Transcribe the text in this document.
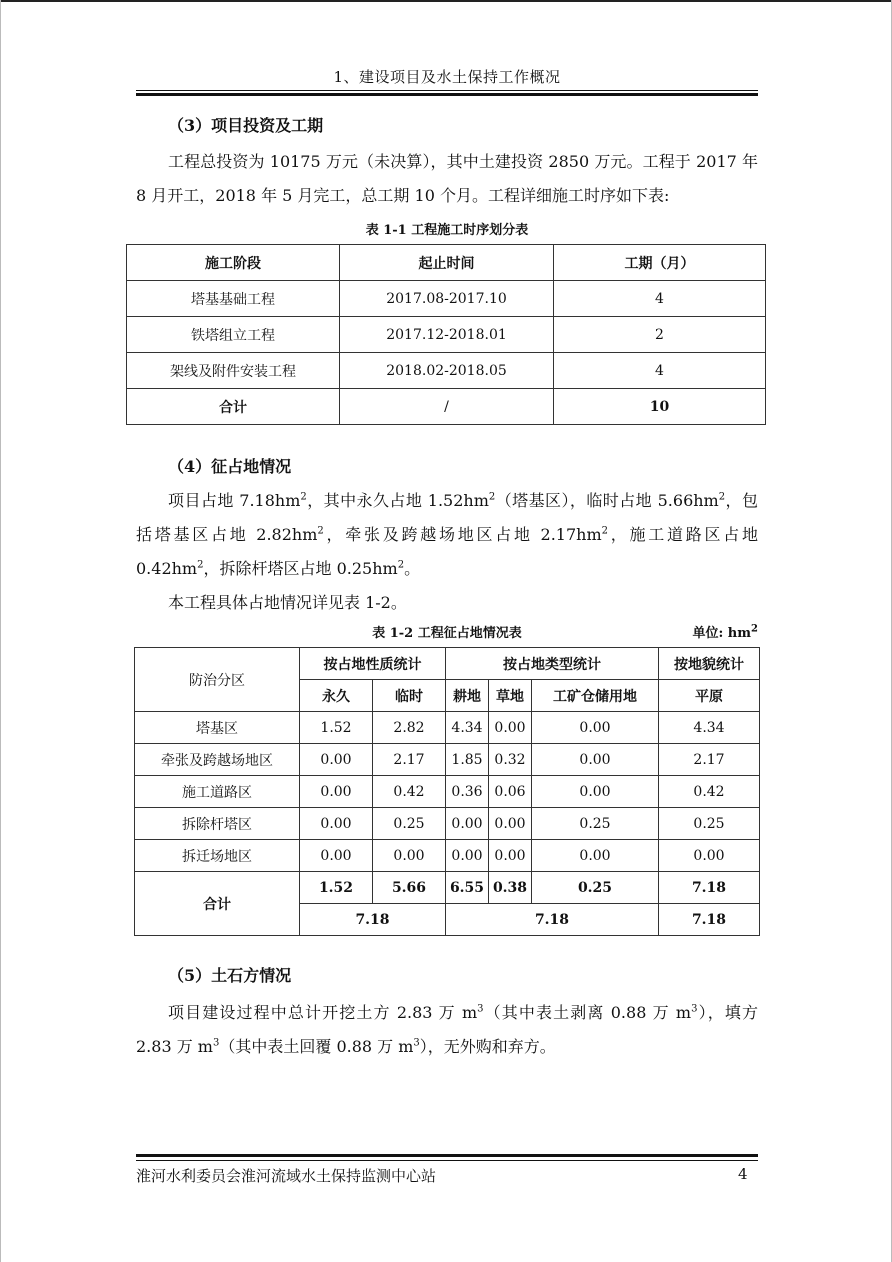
1、建设项目及水土保持工作概况

（3）项目投资及工期

工程总投资为 10175 万元（未决算），其中土建投资 2850 万元。工程于 2017 年 8 月开工，2018 年 5 月完工，总工期 10 个月。工程详细施工时序如下表:

表 1-1 工程施工时序划分表

施工阶段	起止时间	工期（月）
塔基基础工程	2017.08-2017.10	4
铁塔组立工程	2017.12-2018.01	2
架线及附件安装工程	2018.02-2018.05	4
合计	/	10

（4）征占地情况

项目占地 $7.18hm^2$，其中永久占地 $1.52hm^2$（塔基区），临时占地 $5.66hm^2$，包括塔基区占地 $2.82hm^2$，牵张及跨越场地区占地 $2.17hm^2$，施工道路区占地 $0.42hm^2$，拆除杆塔区占地 $0.25hm^2$。

本工程具体占地情况详见表 1-2。

表 1-2 工程征占地情况表	单位: $hm^2$

防治分区	按占地性质统计		按占地类型统计			按地貌统计
	永久	临时	耕地	草地	工矿仓储用地	平原
塔基区	1.52	2.82	4.34	0.00	0.00	4.34
牵张及跨越场地区	0.00	2.17	1.85	0.32	0.00	2.17
施工道路区	0.00	0.42	0.36	0.06	0.00	0.42
拆除杆塔区	0.00	0.25	0.00	0.00	0.25	0.25
拆迁场地区	0.00	0.00	0.00	0.00	0.00	0.00
合计	1.52	5.66	6.55	0.38	0.25	7.18
	7.18		7.18			7.18

（5）土石方情况

项目建设过程中总计开挖土方 2.83 万 $m^3$（其中表土剥离 0.88 万 $m^3$），填方 2.83 万 $m^3$（其中表土回覆 0.88 万 $m^3$），无外购和弃方。

淮河水利委员会淮河流域水土保持监测中心站	4
